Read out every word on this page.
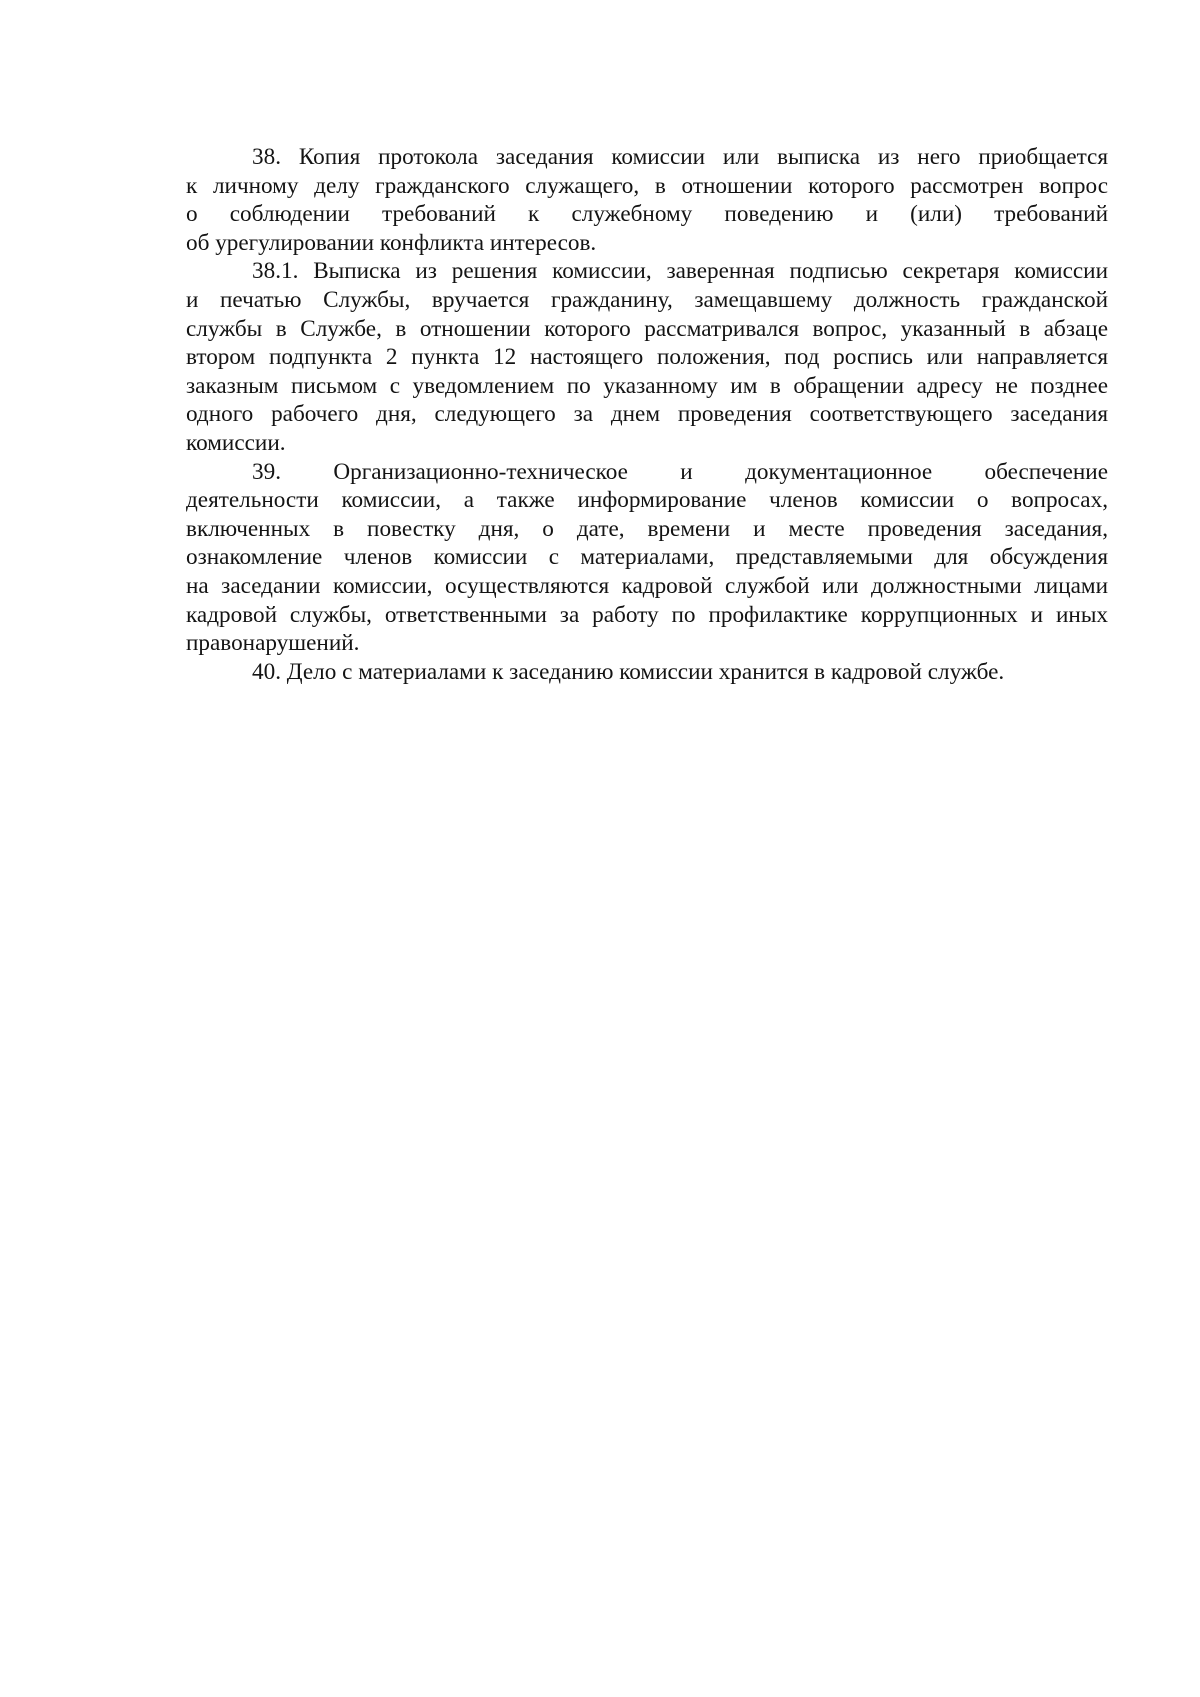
38. Копия протокола заседания комиссии или выписка из него приобщается
к личному делу гражданского служащего, в отношении которого рассмотрен вопрос
о соблюдении требований к служебному поведению и (или) требований
об урегулировании конфликта интересов.
38.1. Выписка из решения комиссии, заверенная подписью секретаря комиссии
и печатью Службы, вручается гражданину, замещавшему должность гражданской
службы в Службе, в отношении которого рассматривался вопрос, указанный в абзаце
втором подпункта 2 пункта 12 настоящего положения, под роспись или направляется
заказным письмом с уведомлением по указанному им в обращении адресу не позднее
одного рабочего дня, следующего за днем проведения соответствующего заседания
комиссии.
39. Организационно-техническое и документационное обеспечение
деятельности комиссии, а также информирование членов комиссии о вопросах,
включенных в повестку дня, о дате, времени и месте проведения заседания,
ознакомление членов комиссии с материалами, представляемыми для обсуждения
на заседании комиссии, осуществляются кадровой службой или должностными лицами
кадровой службы, ответственными за работу по профилактике коррупционных и иных
правонарушений.
40. Дело с материалами к заседанию комиссии хранится в кадровой службе.
